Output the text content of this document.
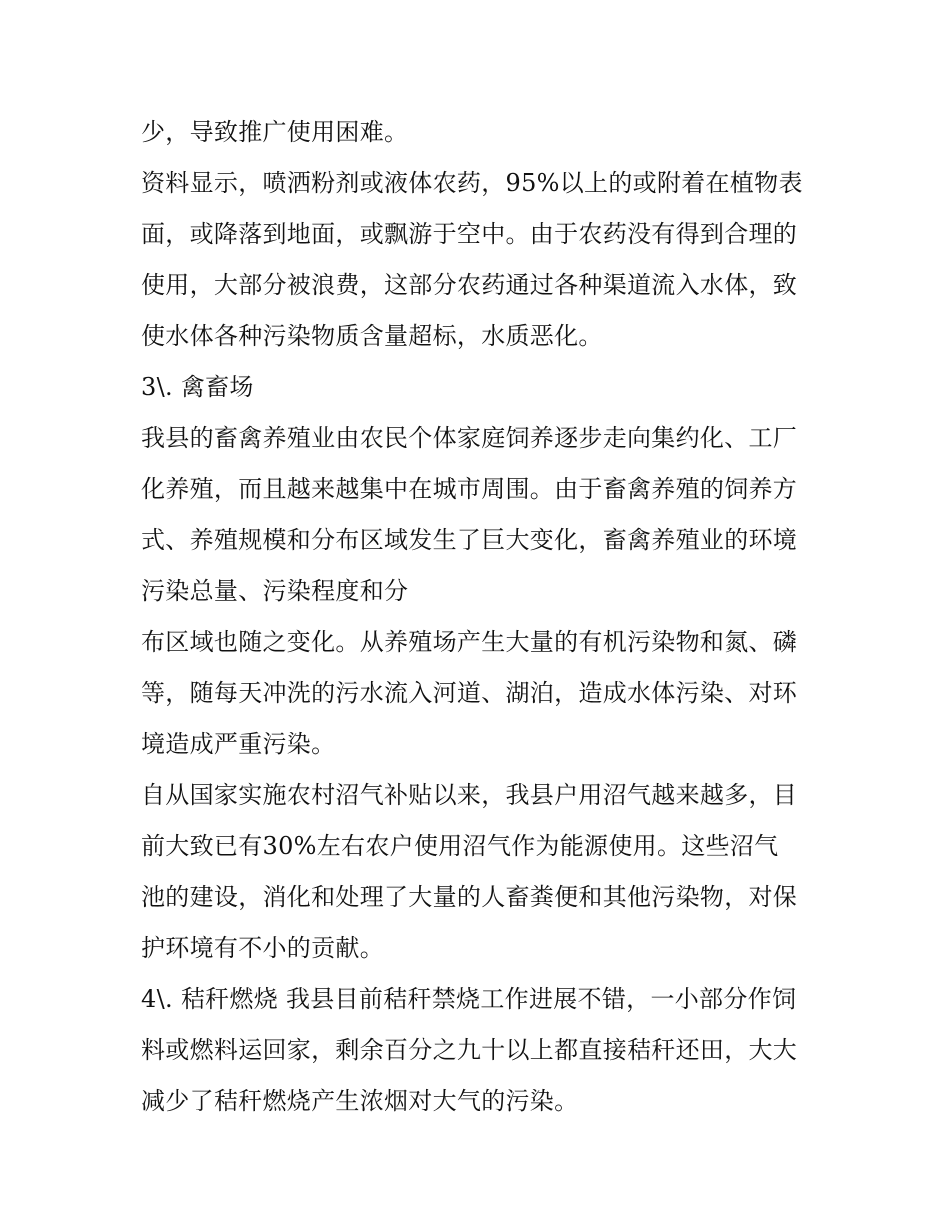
少，导致推广使用困难。
资料显示，喷洒粉剂或液体农药，95%以上的或附着在植物表
面，或降落到地面，或飘游于空中。由于农药没有得到合理的
使用，大部分被浪费，这部分农药通过各种渠道流入水体，致
使水体各种污染物质含量超标，水质恶化。
3\. 禽畜场
我县的畜禽养殖业由农民个体家庭饲养逐步走向集约化、工厂
化养殖，而且越来越集中在城市周围。由于畜禽养殖的饲养方
式、养殖规模和分布区域发生了巨大变化，畜禽养殖业的环境
污染总量、污染程度和分
布区域也随之变化。从养殖场产生大量的有机污染物和氮、磷
等，随每天冲洗的污水流入河道、湖泊，造成水体污染、对环
境造成严重污染。
自从国家实施农村沼气补贴以来，我县户用沼气越来越多，目
前大致已有30%左右农户使用沼气作为能源使用。这些沼气
池的建设，消化和处理了大量的人畜粪便和其他污染物，对保
护环境有不小的贡献。
4\. 秸秆燃烧 我县目前秸秆禁烧工作进展不错，一小部分作饲
料或燃料运回家，剩余百分之九十以上都直接秸秆还田，大大
减少了秸秆燃烧产生浓烟对大气的污染。
